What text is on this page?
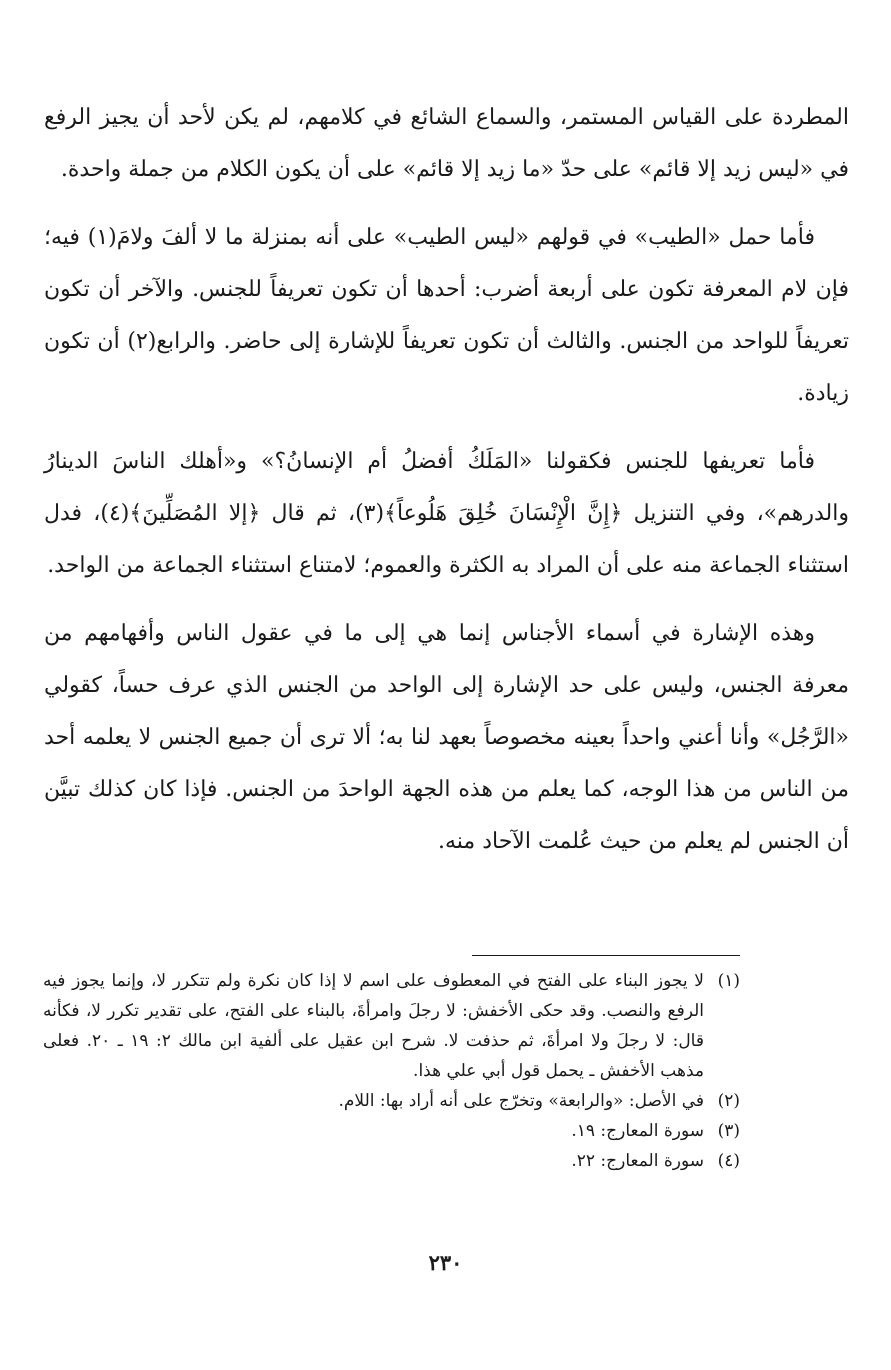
المطردة على القياس المستمر، والسماع الشائع في كلامهم، لم يكن لأحد أن يجيز الرفع في «ليس زيد إلا قائم» على حدّ «ما زيد إلا قائم» على أن يكون الكلام من جملة واحدة.

فأما حمل «الطيب» في قولهم «ليس الطيب» على أنه بمنزلة ما لا ألفَ ولامَ(١) فيه؛ فإن لام المعرفة تكون على أربعة أضرب: أحدها أن تكون تعريفاً للجنس. والآخر أن تكون تعريفاً للواحد من الجنس. والثالث أن تكون تعريفاً للإشارة إلى حاضر. والرابع(٢) أن تكون زيادة.

فأما تعريفها للجنس فكقولنا «المَلَكُ أفضلُ أم الإنسانُ؟» و«أهلك الناسَ الدينارُ والدرهم»، وفي التنزيل ﴿إِنَّ الْإِنْسَانَ خُلِقَ هَلُوعاً﴾(٣)، ثم قال ﴿إلا المُصَلِّينَ﴾(٤)، فدل استثناء الجماعة منه على أن المراد به الكثرة والعموم؛ لامتناع استثناء الجماعة من الواحد.

وهذه الإشارة في أسماء الأجناس إنما هي إلى ما في عقول الناس وأفهامهم من معرفة الجنس، وليس على حد الإشارة إلى الواحد من الجنس الذي عرف حساً، كقولي «الرَّجُل» وأنا أعني واحداً بعينه مخصوصاً بعهد لنا به؛ ألا ترى أن جميع الجنس لا يعلمه أحد من الناس من هذا الوجه، كما يعلم من هذه الجهة الواحدَ من الجنس. فإذا كان كذلك تبيَّن أن الجنس لم يعلم من حيث عُلمت الآحاد منه.

(١)
لا يجوز البناء على الفتح في المعطوف على اسم لا إذا كان نكرة ولم تتكرر لا، وإنما يجوز فيه الرفع والنصب. وقد حكى الأخفش: لا رجلَ وامرأةَ، بالبناء على الفتح، على تقدير تكرر لا، فكأنه قال: لا رجلَ ولا امرأةَ، ثم حذفت لا. شرح ابن عقيل على ألفية ابن مالك ٢: ١٩ ـ ٢٠. فعلى مذهب الأخفش ـ يحمل قول أبي علي هذا.
(٢)
في الأصل: «والرابعة» وتخرّج على أنه أراد بها: اللام.
(٣)
سورة المعارج: ١٩.
(٤)
سورة المعارج: ٢٢.
٢٣٠
